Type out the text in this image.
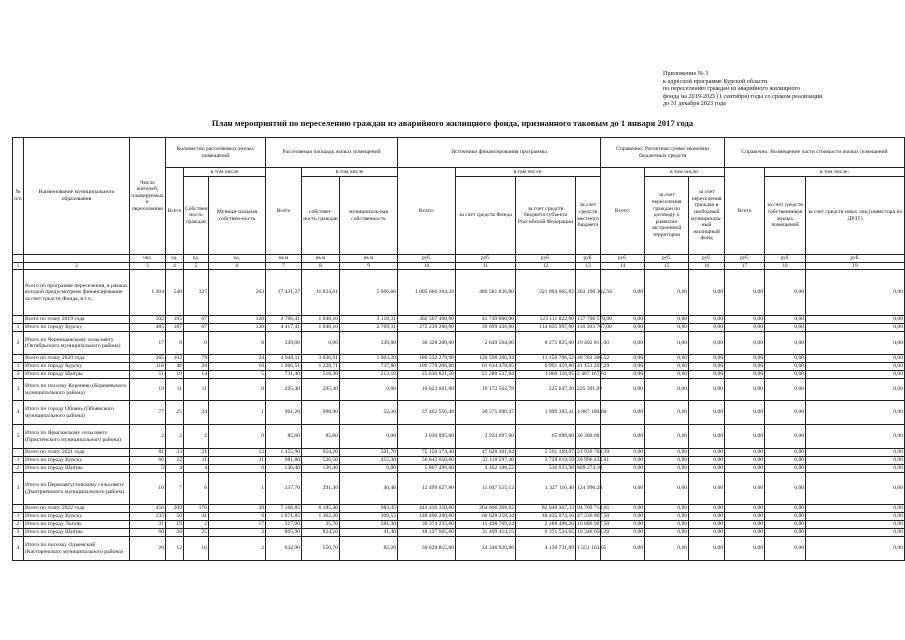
Приложение № 3
к адресной программе Курской области
по переселению граждан из аварийного жилищного
фонда на 2019-2025 (1 сентября) годы со сроком реализации
до 31 декабря 2023 года
План мероприятий по переселению граждан из аварийного жилищного фонда, признанного таковым до 1 января 2017 года
№ п/п	Наименование муниципального образования	Число жителей, планируемых к переселению	Количество расселяемых жилых помещений			Расселяемая площадь жилых помещений			Источники финансирования программы				Справочно: Расчетная сумма экономии бюджетных средств			Справочно: Возмещение части стоимости жилых помещений		
			Всего	в том числе		Всего	в том числе		Всего:	в том числе:			Всего:	в том числе:		Всего	в том числе:	
				Собствен-ность граждан	Муници-пальная собствен-ность		собствен-ность граждан	муниципаль-ная собственность		за счет средств Фонда	за счет средств бюджета субъекта Российской Федерации	за счет средств местного бюджета		за счет переселения граждан по договору о развитии застроенной территории	за счет переселения граждан в свободный муниципаль-ный жилищный фонд		за счет средств собственников жилых помещений	за счет средств иных лиц (инвестора по ДРЗТ)
		чел.	ед.	ед.	ед.	кв.м	кв.м	кв.м	руб.	руб.	руб.	руб.	руб.	руб.	руб.	руб.	руб.	руб.
1	2	3	4	5	6	7	8	9	10	11	12	13	14	15	16	17	18	19
	Всего по программе переселения, в рамках которой предусмотрено финансирование за счет средств Фонда, в т.ч.:	1 304	540	337	203	17 431,27	11 824,61	5 606,66	1 005 666 204,38	480 581 836,00	221 894 065,82	303 190 302,56	0,00	0,00	0,00	0,00	0,00	0,00
	Всего по этапу 2019 года	502	195	67	128	4 766,41	1 648,10	3 118,31	302 567 400,00	41 749 000,00	123 111 822,00	137 706 578,00	0,00	0,00	0,00	0,00	0,00	0,00
1	Итого по городу Курску	485	187	67	120	4 417,41	1 648,10	2 769,31	272 239 200,00	39 099 436,00	114 835 997,00	118 303 767,00	0,00	0,00	0,00	0,00	0,00	0,00
2	Итого по Черницынскому сельсовету (Октябрьского муниципального района)	17	8	0	8	349,00	0,00	349,00	30 328 200,00	2 649 564,00	8 275 825,00	19 402 811,00	0,00	0,00	0,00	0,00	0,00	0,00
	Всего по этапу 2020 года	265	103	79	24	4 040,11	3 036,91	1 003,20	186 532 279,98	126 598 266,94	11 150 706,52	48 783 306,52	0,00	0,00	0,00	0,00	0,00	0,00
1	Итого по городу Курску	116	46	28	18	1 966,51	1 228,71	737,80	109 779 206,00	61 634 478,85	6 991 459,86	41 153 267,29	0,00	0,00	0,00	0,00	0,00	0,00
2	Итого по городу Щигры	51	19	14	5	731,40	518,30	213,10	25 636 821,50	21 280 537,84	1 869 116,05	2 487 167,61	0,00	0,00	0,00	0,00	0,00	0,00
3	Итого по поселку Коренево (Кореневского муниципального района)	19	11	11	0	295,40	295,40	0,00	10 623 601,00	10 172 562,78	225 647,20	225 391,02	0,00	0,00	0,00	0,00	0,00	0,00
4	Итого по городу Обоянь (Обоянского муниципального района)	77	25	24	1	961,20	908,90	52,30	37 462 556,48	30 575 990,47	1 999 385,41	4 887 180,60	0,00	0,00	0,00	0,00	0,00	0,00
5	Итого по Ярыгинскому сельсовету (Пристенского муниципального района)	2	2	2	0	85,60	85,60	0,00	3 030 095,00	2 934 697,00	65 098,00	30 300,00	0,00	0,00	0,00	0,00	0,00	0,00
	Всего по этапу 2021 года	81	33	21	12	1 455,90	954,20	501,70	75 150 174,40	47 628 301,04	5 591 169,97	21 930 703,39	0,00	0,00	0,00	0,00	0,00	0,00
1	Итого по городу Курску	66	22	11	11	981,80	526,50	455,30	56 843 050,00	32 118 597,40	3 728 019,59	20 996 433,01	0,00	0,00	0,00	0,00	0,00	0,00
2	Итого по городу Щигры	5	4	4	0	136,40	136,40	0,00	5 807 496,60	4 462 188,52	536 033,98	809 274,10	0,00	0,00	0,00	0,00	0,00	0,00
3	Итого по Первоавгустовскому сельсовету (Дмитриевского муниципального района)	10	7	6	1	337,70	291,30	46,40	12 499 627,80	11 047 515,12	1 327 116,40	124 996,28	0,00	0,00	0,00	0,00	0,00	0,00
	Всего по этапу 2022 года	456	209	170	39	7 168,85	6 185,40	983,45	441 416 350,00	264 606 268,02	82 040 367,33	94 769 714,65	0,00	0,00	0,00	0,00	0,00	0,00
1	Итого по городу Курску	135	50	41	9	1 671,85	1 362,30	309,55	148 400 200,00	60 628 258,34	40 435 074,16	47 336 867,50	0,00	0,00	0,00	0,00	0,00	0,00
2	Итого по городу Льгову	31	19	2	17	317,00	35,70	281,30	30 374 235,00	11 498 769,24	2 188 498,26	16 686 967,50	0,00	0,00	0,00	0,00	0,00	0,00
3	Итого по городу Щигры	60	28	25	3	865,90	824,50	41,40	48 127 005,00	31 409 414,15	6 371 534,65	10 346 056,20	0,00	0,00	0,00	0,00	0,00	0,00
4	Итого по поселку Одъемский (Касторенского муниципального района)	20	12	10	2	632,90	550,70	82,20	30 028 815,00	24 346 920,86	4 130 731,09	1 551 163,05	0,00	0,00	0,00	0,00	0,00	0,00
